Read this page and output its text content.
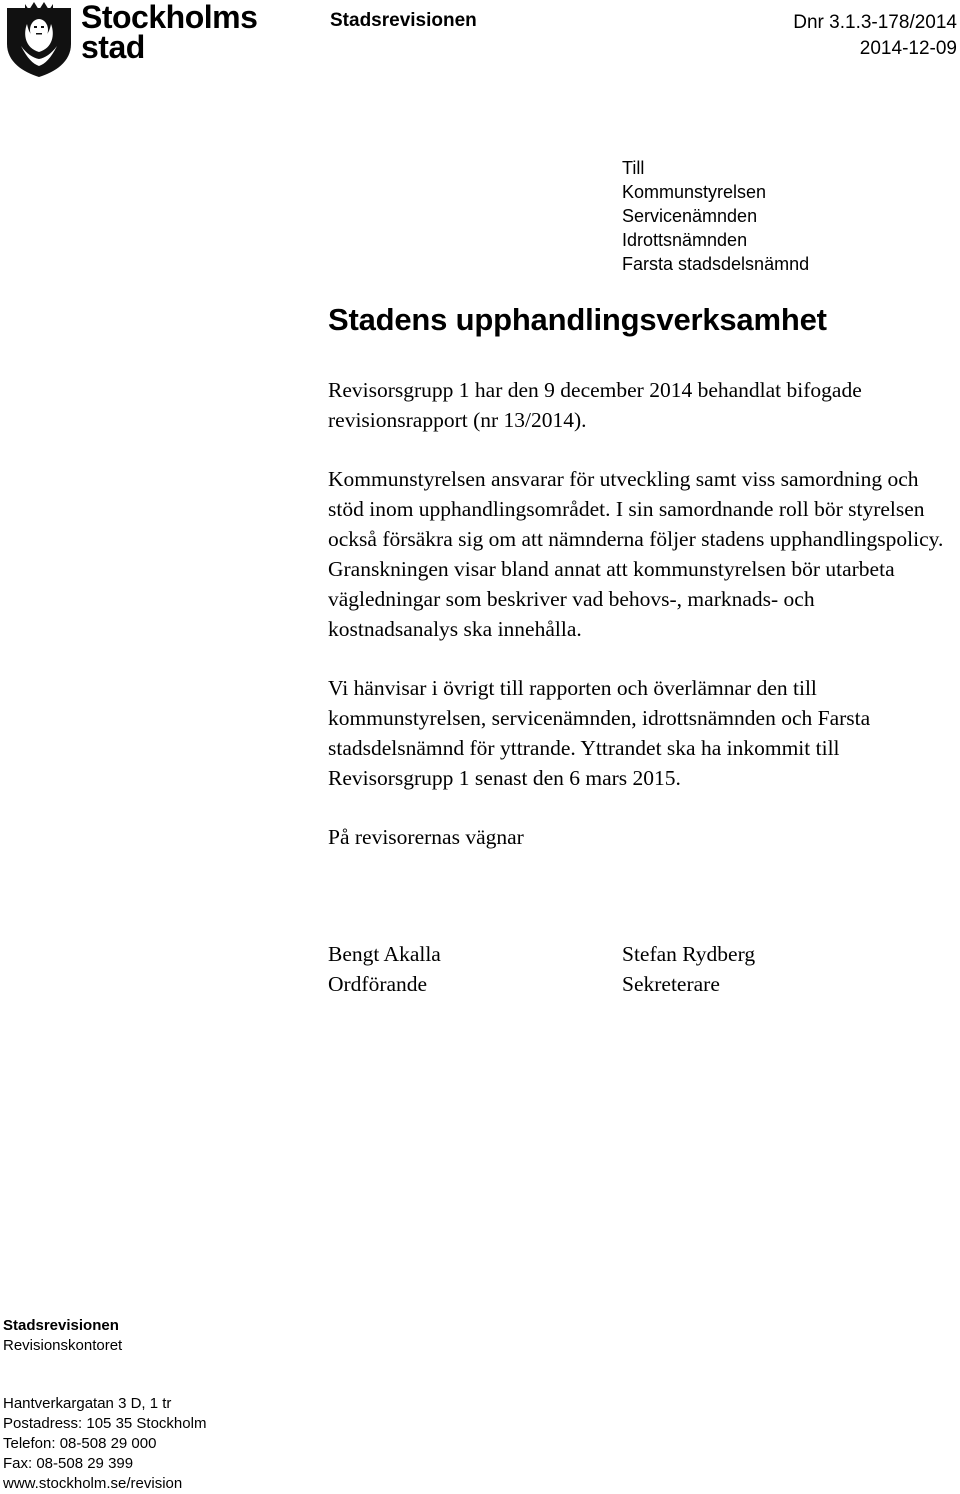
Stockholms
stad
Stadsrevisionen	Dnr 3.1.3-178/2014
2014-12-09
Till
Kommunstyrelsen
Servicenämnden
Idrottsnämnden
Farsta stadsdelsnämnd
Stadens upphandlingsverksamhet

Revisorsgrupp 1 har den 9 december 2014 behandlat bifogade revisionsrapport (nr 13/2014).

Kommunstyrelsen ansvarar för utveckling samt viss samordning och stöd inom upphandlingsområdet. I sin samordnande roll bör styrelsen också försäkra sig om att nämnderna följer stadens upphandlingspolicy. Granskningen visar bland annat att kommunstyrelsen bör utarbeta vägledningar som beskriver vad behovs-, marknads- och kostnadsanalys ska innehålla.

Vi hänvisar i övrigt till rapporten och överlämnar den till kommunstyrelsen, servicenämnden, idrottsnämnden och Farsta stadsdelsnämnd för yttrande. Yttrandet ska ha inkommit till Revisorsgrupp 1 senast den 6 mars 2015.

På revisorernas vägnar

Bengt Akalla
Ordförande
Stefan Rydberg
Sekreterare
Stadsrevisionen
Revisionskontoret
Hantverkargatan 3 D, 1 tr
Postadress: 105 35 Stockholm
Telefon: 08-508 29 000
Fax: 08-508 29 399
www.stockholm.se/revision
